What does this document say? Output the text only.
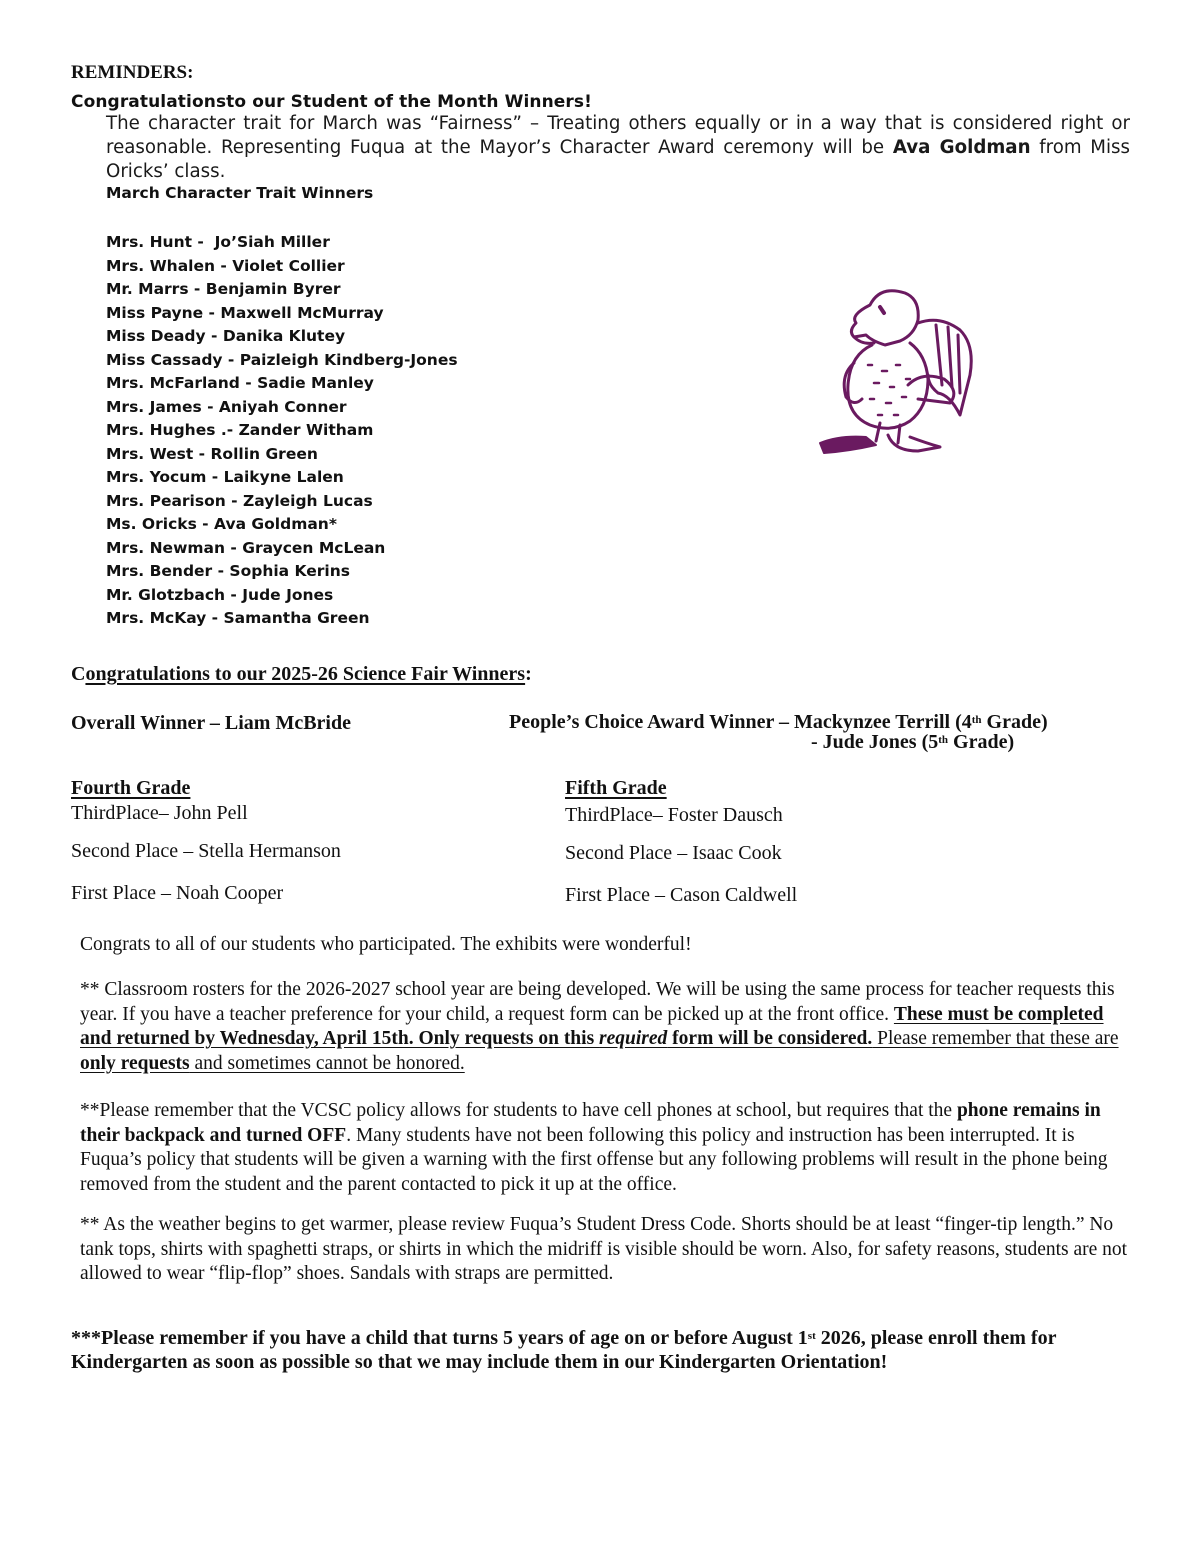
REMINDERS:
Congratulationsto our Student of the Month Winners!
The character trait for March was “Fairness” – Treating others equally or in a way that is considered right or reasonable. Representing Fuqua at the Mayor’s Character Award ceremony will be Ava Goldman from Miss Oricks’ class.
March Character Trait Winners
Mrs. Hunt -  Jo’Siah Miller
Mrs. Whalen - Violet Collier
Mr. Marrs - Benjamin Byrer
Miss Payne - Maxwell McMurray
Miss Deady - Danika Klutey
Miss Cassady - Paizleigh Kindberg-Jones
Mrs. McFarland - Sadie Manley
Mrs. James - Aniyah Conner
Mrs. Hughes .- Zander Witham
Mrs. West - Rollin Green
Mrs. Yocum - Laikyne Lalen
Mrs. Pearison - Zayleigh Lucas
Ms. Oricks - Ava Goldman*
Mrs. Newman - Graycen McLean
Mrs. Bender - Sophia Kerins
Mr. Glotzbach - Jude Jones
Mrs. McKay - Samantha Green
Congratulations to our 2025-26 Science Fair Winners:
Overall Winner – Liam McBride	People’s Choice Award Winner – Mackynzee Terrill (4th Grade)
- Jude Jones (5th Grade)
Fourth Grade
ThirdPlace– John Pell
Second Place – Stella Hermanson
First Place – Noah Cooper
Fifth Grade
ThirdPlace– Foster Dausch
Second Place – Isaac Cook
First Place – Cason Caldwell
Congrats to all of our students who participated. The exhibits were wonderful!
** Classroom rosters for the 2026-2027 school year are being developed. We will be using the same process for teacher requests this year. If you have a teacher preference for your child, a request form can be picked up at the front office. These must be completed and returned by Wednesday, April 15th. Only requests on this required form will be considered. Please remember that these are only requests and sometimes cannot be honored.
**Please remember that the VCSC policy allows for students to have cell phones at school, but requires that the phone remains in their backpack and turned OFF. Many students have not been following this policy and instruction has been interrupted. It is Fuqua’s policy that students will be given a warning with the first offense but any following problems will result in the phone being removed from the student and the parent contacted to pick it up at the office.
** As the weather begins to get warmer, please review Fuqua’s Student Dress Code. Shorts should be at least “finger-tip length.” No tank tops, shirts with spaghetti straps, or shirts in which the midriff is visible should be worn. Also, for safety reasons, students are not allowed to wear “flip-flop” shoes. Sandals with straps are permitted.
***Please remember if you have a child that turns 5 years of age on or before August 1st 2026, please enroll them for Kindergarten as soon as possible so that we may include them in our Kindergarten Orientation!
